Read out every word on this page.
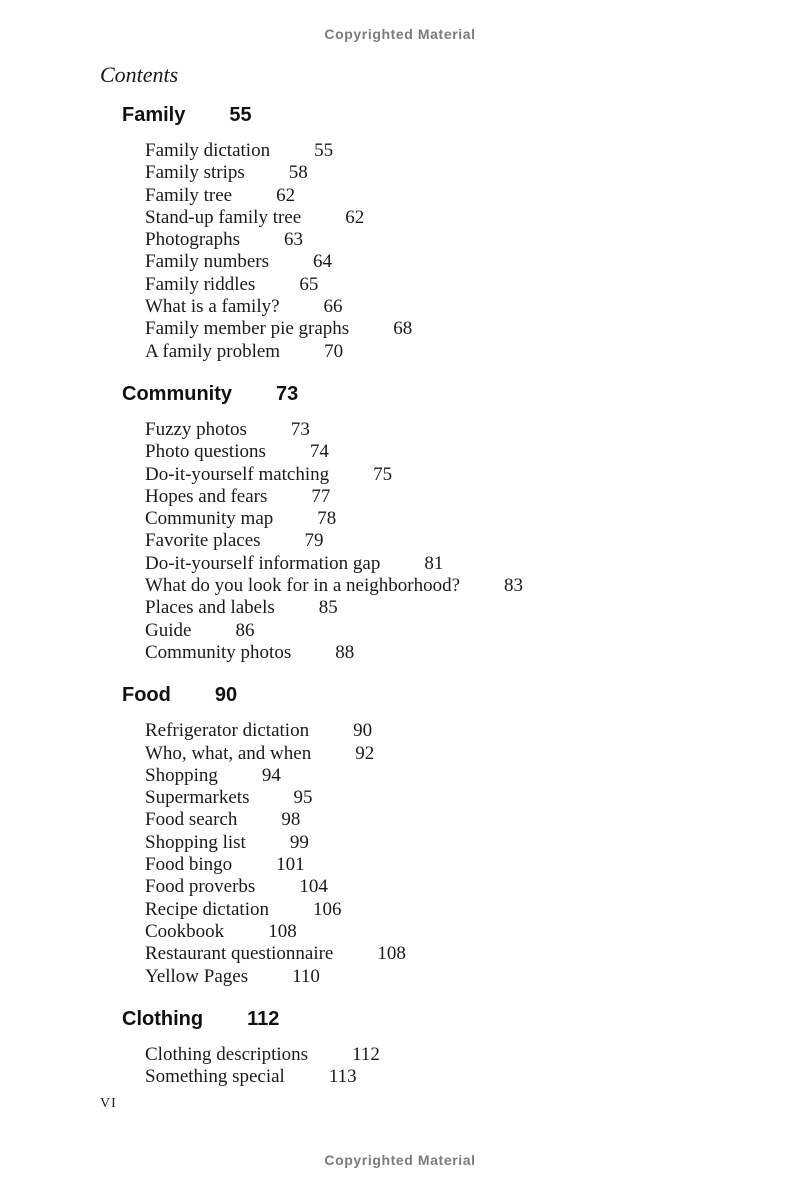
Copyrighted Material
Contents
Family 55
Family dictation 55
Family strips 58
Family tree 62
Stand-up family tree 62
Photographs 63
Family numbers 64
Family riddles 65
What is a family? 66
Family member pie graphs 68
A family problem 70
Community 73
Fuzzy photos 73
Photo questions 74
Do-it-yourself matching 75
Hopes and fears 77
Community map 78
Favorite places 79
Do-it-yourself information gap 81
What do you look for in a neighborhood? 83
Places and labels 85
Guide 86
Community photos 88
Food 90
Refrigerator dictation 90
Who, what, and when 92
Shopping 94
Supermarkets 95
Food search 98
Shopping list 99
Food bingo 101
Food proverbs 104
Recipe dictation 106
Cookbook 108
Restaurant questionnaire 108
Yellow Pages 110
Clothing 112
Clothing descriptions 112
Something special 113
VI
Copyrighted Material
